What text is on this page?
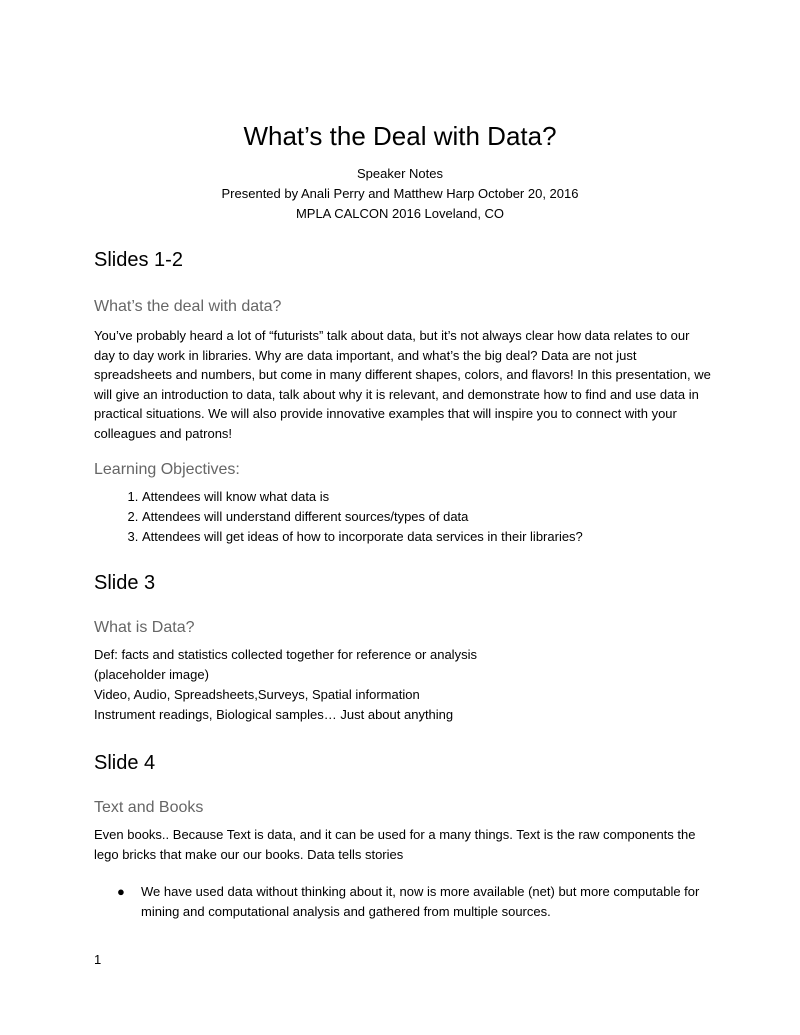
What’s the Deal with Data?
Speaker Notes
Presented by Anali Perry and Matthew Harp October 20, 2016
MPLA CALCON 2016 Loveland, CO
Slides 1-2
What’s the deal with data?

You’ve probably heard a lot of “futurists” talk about data, but it’s not always clear how data relates to our day to day work in libraries. Why are data important, and what’s the big deal? Data are not just spreadsheets and numbers, but come in many different shapes, colors, and flavors! In this presentation, we will give an introduction to data, talk about why it is relevant, and demonstrate how to find and use data in practical situations. We will also provide innovative examples that will inspire you to connect with your colleagues and patrons!

Learning Objectives:
1. Attendees will know what data is
2. Attendees will understand different sources/types of data
3. Attendees will get ideas of how to incorporate data services in their libraries?
Slide 3
What is Data?
Def: facts and statistics collected together for reference or analysis
(placeholder image)
Video, Audio, Spreadsheets,Surveys, Spatial information
Instrument readings, Biological samples… Just about anything
Slide 4
Text and Books

Even books.. Because Text is data, and it can be used for a many things. Text is the raw components the lego bricks that make our our books. Data tells stories

● We have used data without thinking about it, now is more available (net) but more computable for mining and computational analysis and gathered from multiple sources.
1
